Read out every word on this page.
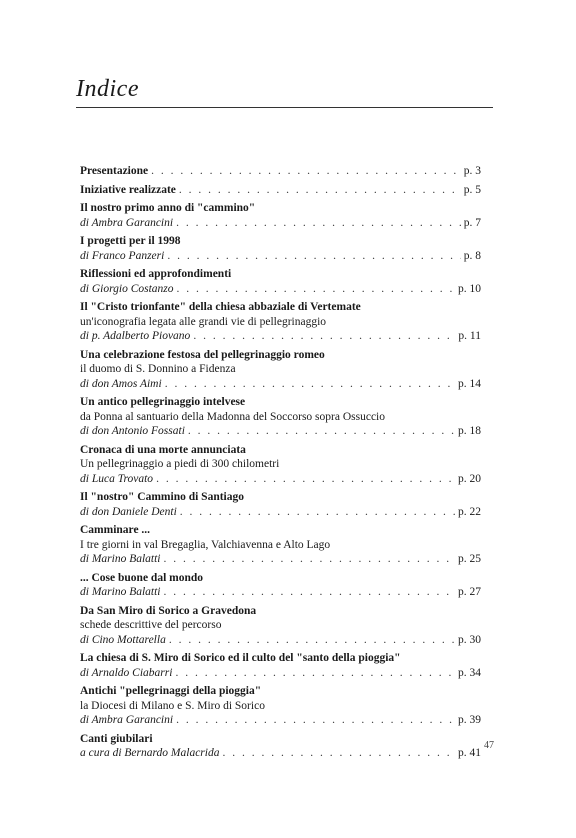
Indice
Presentazione . . .	p. 3
Iniziative realizzate . . .	p. 5
Il nostro primo anno di "cammino"
di Ambra Garancini . . .	p. 7
I progetti per il 1998
di Franco Panzeri . . .	p. 8
Riflessioni ed approfondimenti
di Giorgio Costanzo . . .	p. 10
Il "Cristo trionfante" della chiesa abbaziale di Vertemate
un'iconografia legata alle grandi vie di pellegrinaggio
di p. Adalberto Piovano . . .	p. 11
Una celebrazione festosa del pellegrinaggio romeo
il duomo di S. Donnino a Fidenza
di don Amos Aimi . . .	p. 14
Un antico pellegrinaggio intelvese
da Ponna al santuario della Madonna del Soccorso sopra Ossuccio
di don Antonio Fossati . . .	p. 18
Cronaca di una morte annunciata
Un pellegrinaggio a piedi di 300 chilometri
di Luca Trovato . . .	p. 20
Il "nostro" Cammino di Santiago
di don Daniele Denti . . .	p. 22
Camminare ...
I tre giorni in val Bregaglia, Valchiavenna e Alto Lago
di Marino Balatti . . .	p. 25
... Cose buone dal mondo
di Marino Balatti . . .	p. 27
Da San Miro di Sorico a Gravedona
schede descrittive del percorso
di Cino Mottarella . . .	p. 30
La chiesa di S. Miro di Sorico ed il culto del "santo della pioggia"
di Arnaldo Ciabarri . . .	p. 34
Antichi "pellegrinaggi della pioggia"
la Diocesi di Milano e S. Miro di Sorico
di Ambra Garancini . . .	p. 39
Canti giubilari
a cura di Bernardo Malacrida . . .	p. 41
47
